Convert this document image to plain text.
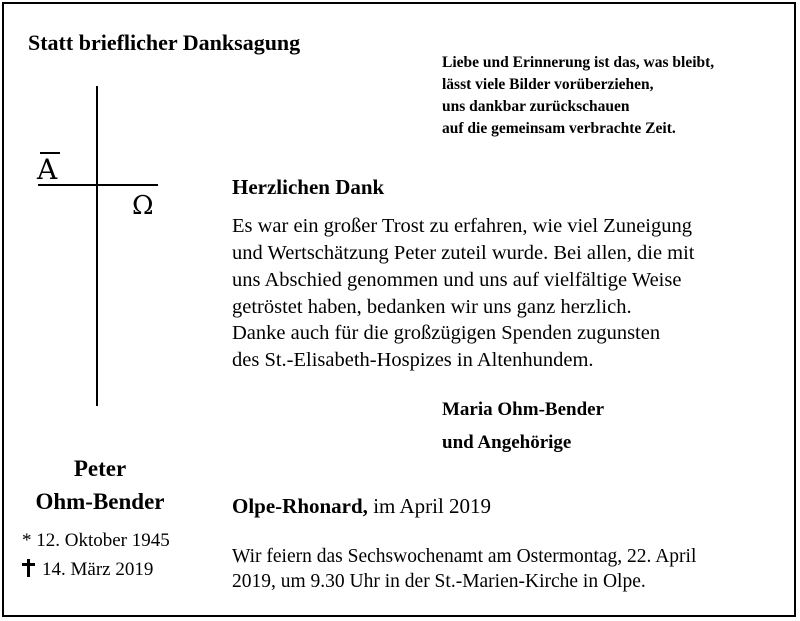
Statt brieflicher Danksagung
Liebe und Erinnerung ist das, was bleibt,
lässt viele Bilder vorüberziehen,
uns dankbar zurückschauen
auf die gemeinsam verbrachte Zeit.
A
Ω
Peter
Ohm-Bender
* 12. Oktober 1945
14. März 2019
Herzlichen Dank
Es war ein großer Trost zu erfahren, wie viel Zuneigung
und Wertschätzung Peter zuteil wurde. Bei allen, die mit
uns Abschied genommen und uns auf vielfältige Weise
getröstet haben, bedanken wir uns ganz herzlich.
Danke auch für die großzügigen Spenden zugunsten
des St.-Elisabeth-Hospizes in Altenhundem.
Maria Ohm-Bender
und Angehörige
Olpe-Rhonard, im April 2019
Wir feiern das Sechswochenamt am Ostermontag, 22. April
2019, um 9.30 Uhr in der St.-Marien-Kirche in Olpe.
